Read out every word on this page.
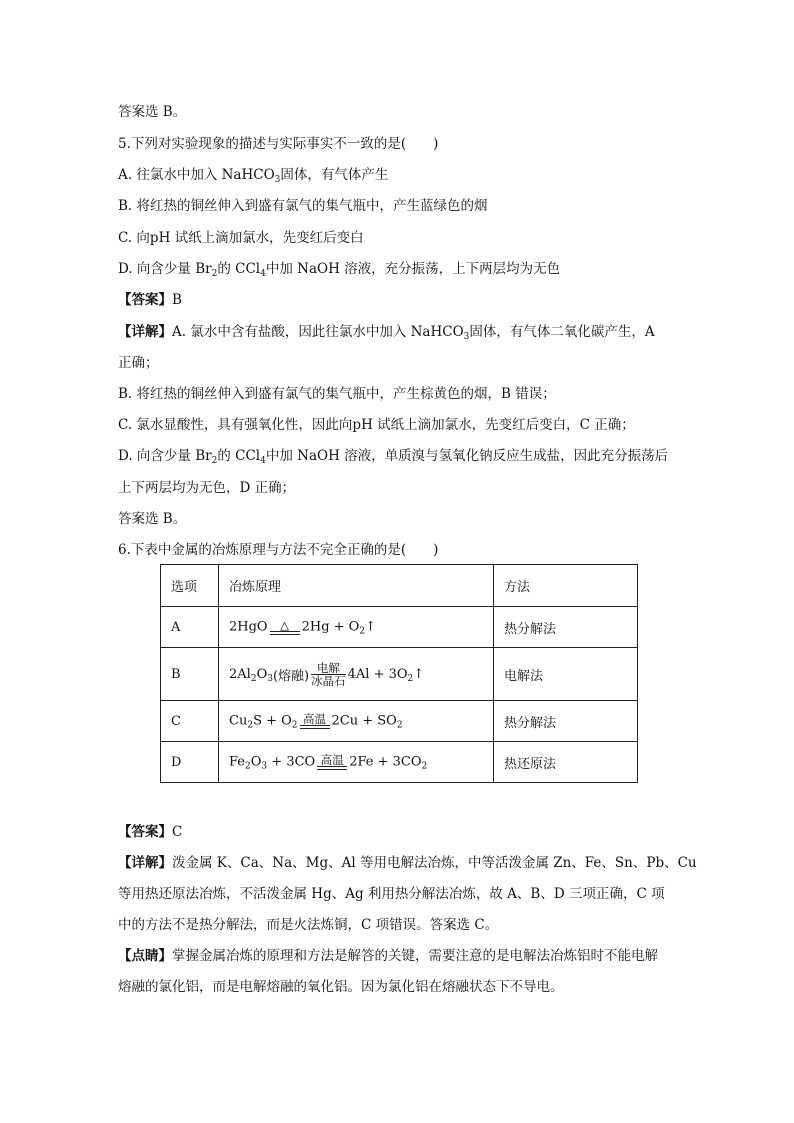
答案选 B。
5.下列对实验现象的描述与实际事实不一致的是(　　)
A. 往氯水中加入 NaHCO$_3$固体，有气体产生
B. 将红热的铜丝伸入到盛有氯气的集气瓶中，产生蓝绿色的烟
C. 向pH 试纸上滴加氯水，先变红后变白
D. 向含少量 $Br_2$的 CCl$_4$中加 NaOH 溶液，充分振荡，上下两层均为无色
【答案】B
【详解】A. 氯水中含有盐酸，因此往氯水中加入 NaHCO$_3$固体，有气体二氧化碳产生，A
正确；
B. 将红热的铜丝伸入到盛有氯气的集气瓶中，产生棕黄色的烟，B 错误；
C. 氯水显酸性，具有强氧化性，因此向pH 试纸上滴加氯水，先变红后变白，C 正确；
D. 向含少量 $Br_2$的 CCl$_4$中加 NaOH 溶液，单质溴与氢氧化钠反应生成盐，因此充分振荡后
上下两层均为无色，D 正确；
答案选 B。
6.下表中金属的冶炼原理与方法不完全正确的是(　　)
选项	冶炼原理	方法
A	2HgO △ $2Hg + O_2↑$	热分解法
B	$2Al_2O_3$(熔融)
电解
冰晶石 $4Al + 3O_2↑$	电解法
C	$Cu_2S + O_2$ 高温 $2Cu + SO_2$	热分解法
D	$Fe_2O_3 + 3CO$ 高温 $2Fe + 3CO_2$	热还原法
【答案】C
【详解】泼金属 K、Ca、Na、Mg、Al 等用电解法冶炼，中等活泼金属 Zn、Fe、Sn、Pb、Cu
等用热还原法冶炼，不活泼金属 Hg、Ag 利用热分解法冶炼，故 A、B、D 三项正确，C 项
中的方法不是热分解法，而是火法炼铜，C 项错误。答案选 C。
【点睛】掌握金属冶炼的原理和方法是解答的关键，需要注意的是电解法冶炼铝时不能电解
熔融的氯化铝，而是电解熔融的氧化铝。因为氯化铝在熔融状态下不导电。
